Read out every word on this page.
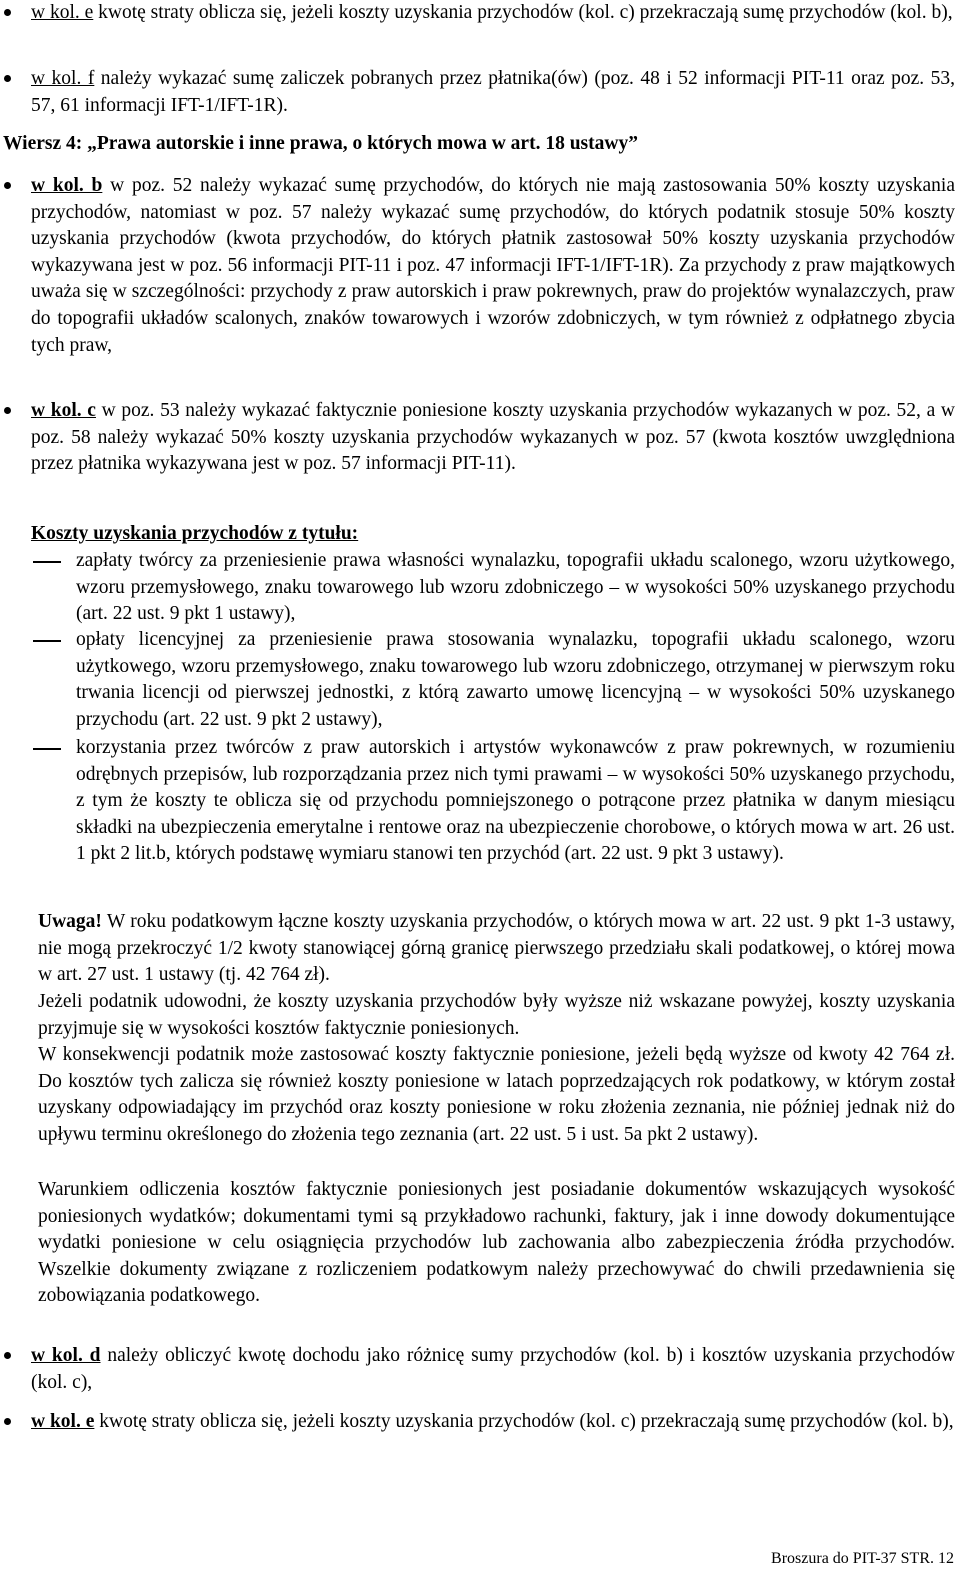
w kol. e kwotę straty oblicza się, jeżeli koszty uzyskania przychodów (kol. c) przekraczają sumę przychodów (kol. b),
w kol. f należy wykazać sumę zaliczek pobranych przez płatnika(ów) (poz. 48 i 52 informacji PIT-11 oraz poz. 53, 57, 61 informacji IFT-1/IFT-1R).
Wiersz 4: „Prawa autorskie i inne prawa, o których mowa w art. 18 ustawy”
w kol. b w poz. 52 należy wykazać sumę przychodów, do których nie mają zastosowania 50% koszty uzyskania przychodów, natomiast w poz. 57 należy wykazać sumę przychodów, do których podatnik stosuje 50% koszty uzyskania przychodów (kwota przychodów, do których płatnik zastosował 50% koszty uzyskania przychodów wykazywana jest w poz. 56 informacji PIT-11 i poz. 47 informacji IFT-1/IFT-1R). Za przychody z praw majątkowych uważa się w szczególności: przychody z praw autorskich i praw pokrewnych, praw do projektów wynalazczych, praw do topografii układów scalonych, znaków towarowych i wzorów zdobniczych, w tym również z odpłatnego zbycia tych praw,
w kol. c w poz. 53 należy wykazać faktycznie poniesione koszty uzyskania przychodów wykazanych w poz. 52, a w poz. 58 należy wykazać 50% koszty uzyskania przychodów wykazanych w poz. 57 (kwota kosztów uwzględniona przez płatnika wykazywana jest w poz. 57 informacji PIT-11).
Koszty uzyskania przychodów z tytułu:
zapłaty twórcy za przeniesienie prawa własności wynalazku, topografii układu scalonego, wzoru użytkowego, wzoru przemysłowego, znaku towarowego lub wzoru zdobniczego – w wysokości 50% uzyskanego przychodu (art. 22 ust. 9 pkt 1 ustawy),
opłaty licencyjnej za przeniesienie prawa stosowania wynalazku, topografii układu scalonego, wzoru użytkowego, wzoru przemysłowego, znaku towarowego lub wzoru zdobniczego, otrzymanej w pierwszym roku trwania licencji od pierwszej jednostki, z którą zawarto umowę licencyjną – w wysokości 50% uzyskanego przychodu (art. 22 ust. 9 pkt 2 ustawy),
korzystania przez twórców z praw autorskich i artystów wykonawców z praw pokrewnych, w rozumieniu odrębnych przepisów, lub rozporządzania przez nich tymi prawami – w wysokości 50% uzyskanego przychodu, z tym że koszty te oblicza się od przychodu pomniejszonego o potrącone przez płatnika w danym miesiącu składki na ubezpieczenia emerytalne i rentowe oraz na ubezpieczenie chorobowe, o których mowa w art. 26 ust. 1 pkt 2 lit.b, których podstawę wymiaru stanowi ten przychód (art. 22 ust. 9 pkt 3 ustawy).
Uwaga! W roku podatkowym łączne koszty uzyskania przychodów, o których mowa w art. 22 ust. 9 pkt 1-3 ustawy, nie mogą przekroczyć 1/2 kwoty stanowiącej górną granicę pierwszego przedziału skali podatkowej, o której mowa w art. 27 ust. 1 ustawy (tj. 42 764 zł).
Jeżeli podatnik udowodni, że koszty uzyskania przychodów były wyższe niż wskazane powyżej, koszty uzyskania przyjmuje się w wysokości kosztów faktycznie poniesionych.
W konsekwencji podatnik może zastosować koszty faktycznie poniesione, jeżeli będą wyższe od kwoty 42 764 zł. Do kosztów tych zalicza się również koszty poniesione w latach poprzedzających rok podatkowy, w którym został uzyskany odpowiadający im przychód oraz koszty poniesione w roku złożenia zeznania, nie później jednak niż do upływu terminu określonego do złożenia tego zeznania (art. 22 ust. 5 i ust. 5a pkt 2 ustawy).
Warunkiem odliczenia kosztów faktycznie poniesionych jest posiadanie dokumentów wskazujących wysokość poniesionych wydatków; dokumentami tymi są przykładowo rachunki, faktury, jak i inne dowody dokumentujące wydatki poniesione w celu osiągnięcia przychodów lub zachowania albo zabezpieczenia źródła przychodów. Wszelkie dokumenty związane z rozliczeniem podatkowym należy przechowywać do chwili przedawnienia się zobowiązania podatkowego.
w kol. d należy obliczyć kwotę dochodu jako różnicę sumy przychodów (kol. b) i kosztów uzyskania przychodów (kol. c),
w kol. e kwotę straty oblicza się, jeżeli koszty uzyskania przychodów (kol. c) przekraczają sumę przychodów (kol. b),
Broszura do PIT-37 STR. 12
